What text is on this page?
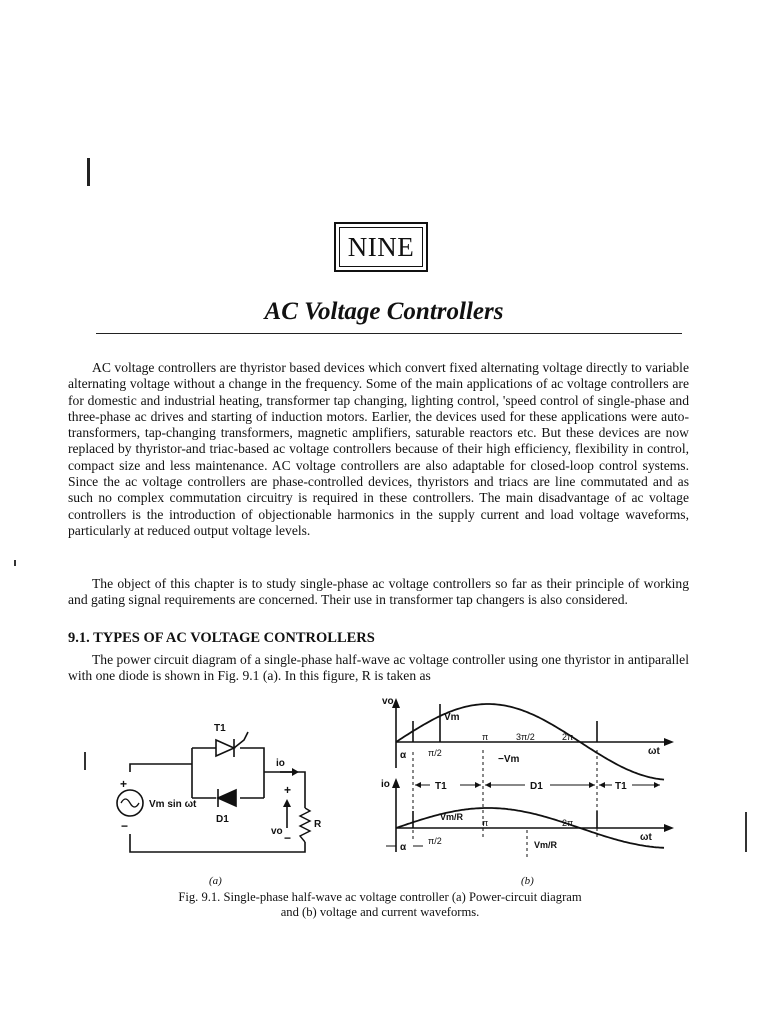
NINE
AC Voltage Controllers

AC voltage controllers are thyristor based devices which convert fixed alternating voltage directly to variable alternating voltage without a change in the frequency. Some of the main applications of ac voltage controllers are for domestic and industrial heating, transformer tap changing, lighting control, 'speed control of single-phase and three-phase ac drives and starting of induction motors. Earlier, the devices used for these applications were auto-transformers, tap-changing transformers, magnetic amplifiers, saturable reactors etc. But these devices are now replaced by thyristor-and triac-based ac voltage controllers because of their high efficiency, flexibility in control, compact size and less maintenance. AC voltage controllers are also adaptable for closed-loop control systems. Since the ac voltage controllers are phase-controlled devices, thyristors and triacs are line commutated and as such no complex commutation circuitry is required in these controllers. The main disadvantage of ac voltage controllers is the introduction of objectionable harmonics in the supply current and load voltage waveforms, particularly at reduced output voltage levels.

The object of this chapter is to study single-phase ac voltage controllers so far as their principle of working and gating signal requirements are concerned. Their use in transformer tap changers is also considered.

9.1. TYPES OF AC VOLTAGE CONTROLLERS

The power circuit diagram of a single-phase half-wave ac voltage controller using one thyristor in antiparallel with one diode is shown in Fig. 9.1 (a). In this figure, R is taken as

T1
D1
io
Vm sin ωt
R
vo
+
−
+
−
vo
Vm
−Vm
α π/2
π	3π/2	2π
ωt
io	T1	D1	T1
Vm/R
Vm/R
α
π/2
π	2π
ωt
(a)	(b)
Fig. 9.1. Single-phase half-wave ac voltage controller (a) Power-circuit diagram
and (b) voltage and current waveforms.
